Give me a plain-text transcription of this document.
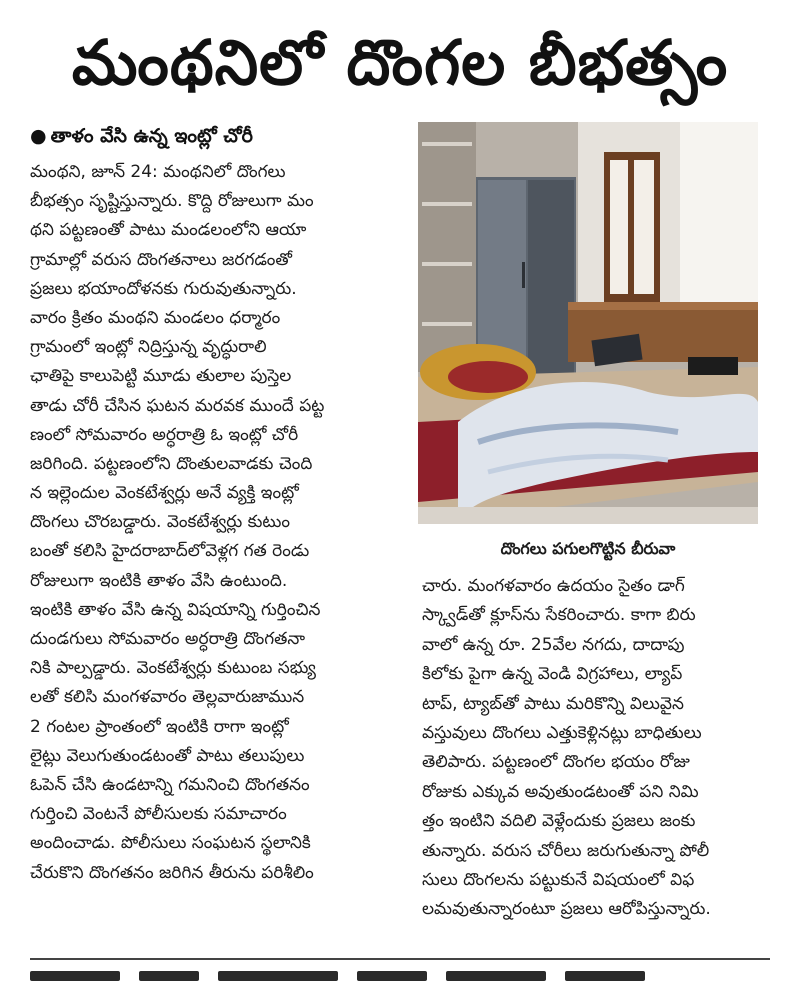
మంథనిలో దొంగల బీభత్సం
● తాళం వేసి ఉన్న ఇంట్లో చోరీ
మంథని, జూన్ 24: మంథనిలో దొంగలు
బీభత్సం సృష్టిస్తున్నారు. కొద్ది రోజులుగా మం
థని పట్టణంతో పాటు మండలంలోని ఆయా
గ్రామాల్లో వరుస దొంగతనాలు జరగడంతో
ప్రజలు భయాందోళనకు గురువుతున్నారు.
వారం క్రితం మంథని మండలం ధర్మారం
గ్రామంలో ఇంట్లో నిద్రిస్తున్న వృద్ధురాలి
ఛాతిపై కాలుపెట్టి మూడు తులాల పుస్తెల
తాడు చోరీ చేసిన ఘటన మరవక ముందే పట్ట
ణంలో సోమవారం అర్ధరాత్రి ఓ ఇంట్లో చోరీ
జరిగింది. పట్టణంలోని దొంతులవాడకు చెంది
న ఇల్లెందుల వెంకటేశ్వర్లు అనే వ్యక్తి ఇంట్లో
దొంగలు చొరబడ్డారు. వెంకటేశ్వర్లు కుటుం
బంతో కలిసి హైదరాబాద్‌లోవెళ్లగ గత రెండు
రోజులుగా ఇంటికి తాళం వేసి ఉంటుంది.
ఇంటికి తాళం వేసి ఉన్న విషయాన్ని గుర్తించిన
దుండగులు సోమవారం అర్ధరాత్రి దొంగతనా
నికి పాల్పడ్డారు. వెంకటేశ్వర్లు కుటుంబ సభ్యు
లతో కలిసి మంగళవారం తెల్లవారుజామున
2 గంటల ప్రాంతంలో ఇంటికి రాగా ఇంట్లో
లైట్లు వెలుగుతుండటంతో పాటు తలుపులు
ఓపెన్ చేసి ఉండటాన్ని గమనించి దొంగతనం
గుర్తించి వెంటనే పోలీసులకు సమాచారం
అందించాడు. పోలీసులు సంఘటన స్థలానికి
చేరుకొని దొంగతనం జరిగిన తీరును పరిశీలిం
దొంగలు పగులగొట్టిన బీరువా
చారు. మంగళవారం ఉదయం సైతం డాగ్
స్క్వాడ్‌తో క్లూస్‌ను సేకరించారు. కాగా బిరు
వాలో ఉన్న రూ. 25వేల నగదు, దాదాపు
కిలోకు పైగా ఉన్న వెండి విగ్రహాలు, ల్యాప్
టాప్, ట్యాబ్‌తో పాటు మరికొన్ని విలువైన
వస్తువులు దొంగలు ఎత్తుకెళ్లినట్లు బాధితులు
తెలిపారు. పట్టణంలో దొంగల భయం రోజు
రోజుకు ఎక్కువ అవుతుండటంతో పని నిమి
త్తం ఇంటిని వదిలి వెళ్లేందుకు ప్రజలు జంకు
తున్నారు. వరుస చోరీలు జరుగుతున్నా పోలీ
సులు దొంగలను పట్టుకునే విషయంలో విఫ
లమవుతున్నారంటూ ప్రజలు ఆరోపిస్తున్నారు.
